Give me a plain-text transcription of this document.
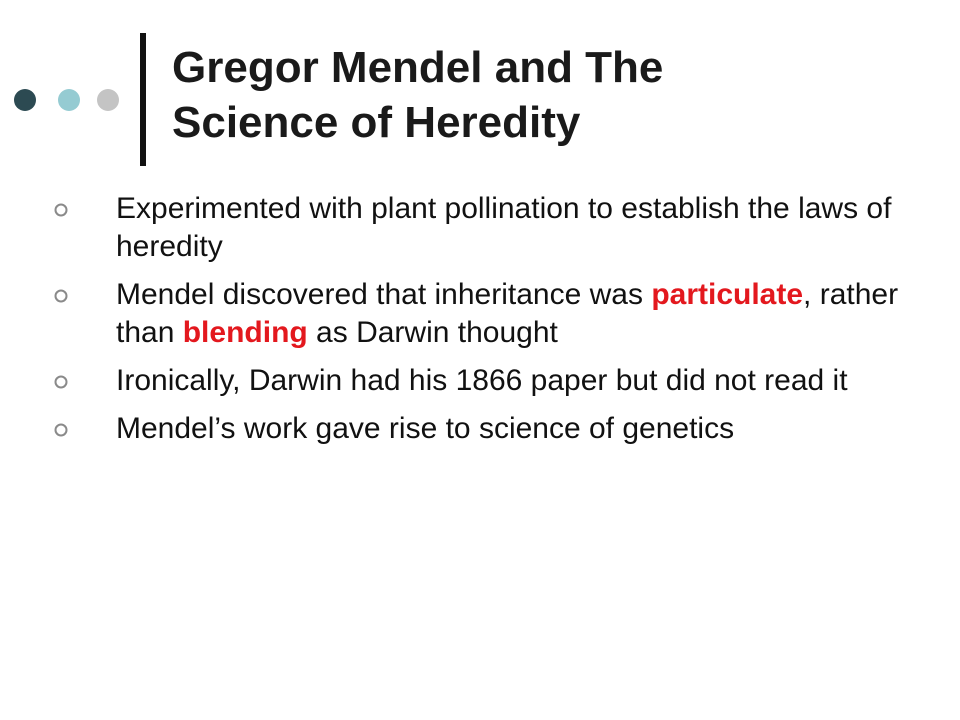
Gregor Mendel and The
Science of Heredity
Experimented with plant pollination to establish the laws of heredity
Mendel discovered that inheritance was particulate, rather than blending as Darwin thought
Ironically, Darwin had his 1866 paper but did not read it
Mendel’s work gave rise to science of genetics
